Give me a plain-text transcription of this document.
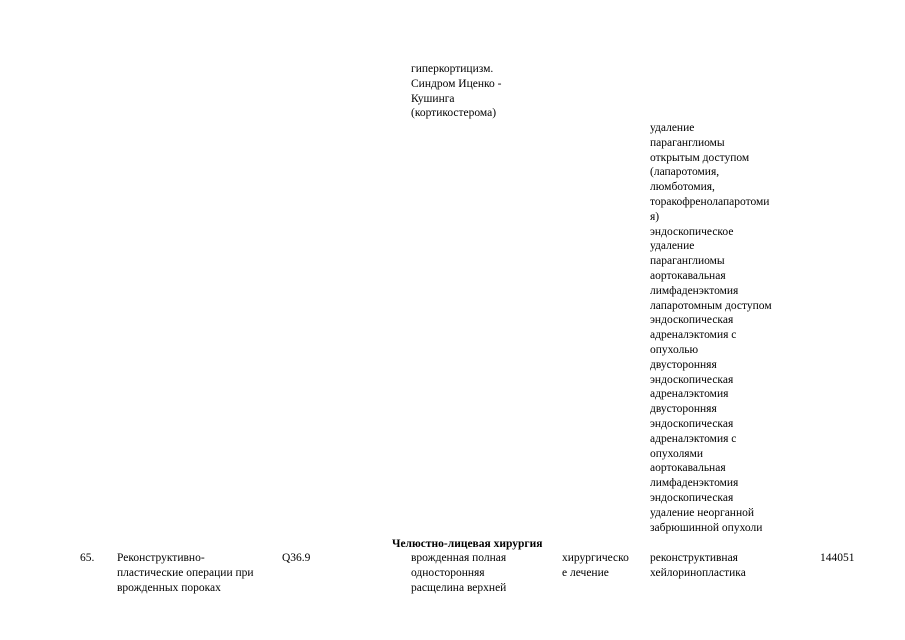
гиперкортицизм.
Синдром Иценко -
Кушинга
(кортикостерома)
удаление
параганглиомы
открытым доступом
(лапаротомия,
люмботомия,
торакофренолапаротоми
я)
эндоскопическое
удаление
параганглиомы
аортокавальная
лимфаденэктомия
лапаротомным доступом
эндоскопическая
адреналэктомия с
опухолью
двусторонняя
эндоскопическая
адреналэктомия
двусторонняя
эндоскопическая
адреналэктомия с
опухолями
аортокавальная
лимфаденэктомия
эндоскопическая
удаление неорганной
забрюшинной опухоли
Челюстно-лицевая хирургия
65. Реконструктивно-
пластические операции при
врожденных пороках
Q36.9	врожденная полная
односторонняя
расщелина верхней
хирургическо
е лечение
реконструктивная
хейлоринопластика
144051
